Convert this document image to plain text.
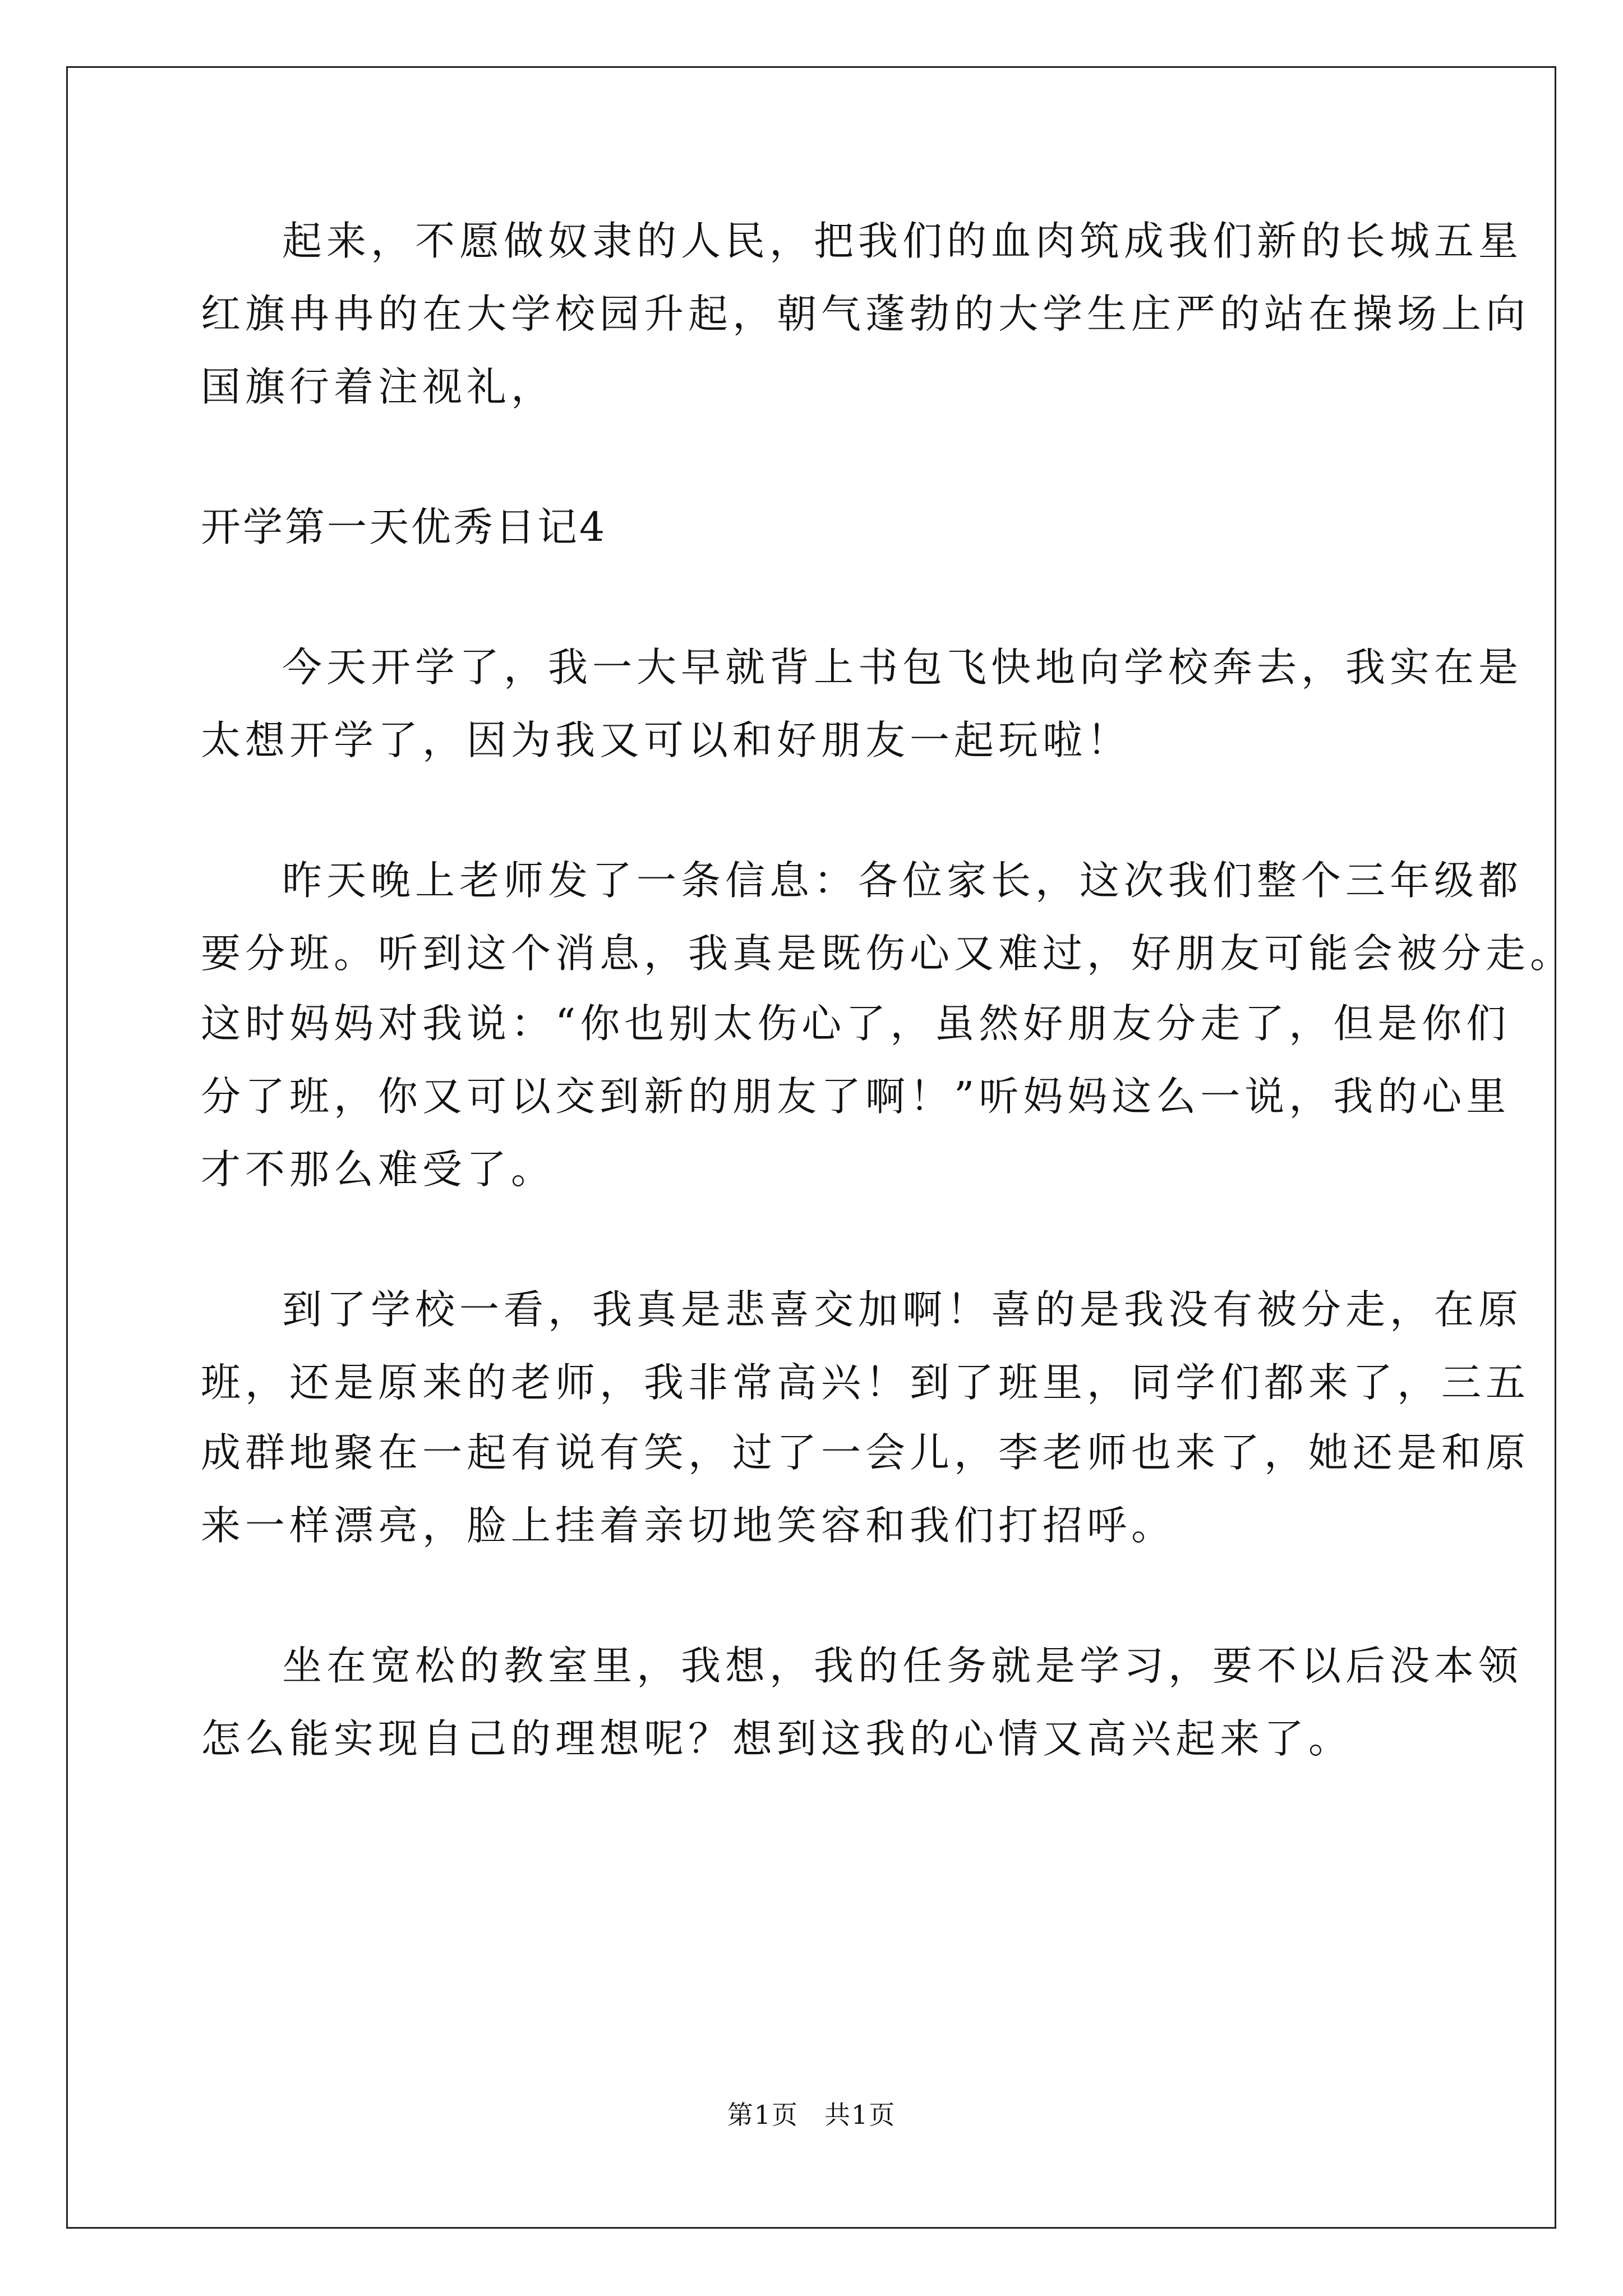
起来，不愿做奴隶的人民，把我们的血肉筑成我们新的长城五星
红旗冉冉的在大学校园升起，朝气蓬勃的大学生庄严的站在操场上向
国旗行着注视礼，
开学第一天优秀日记4
今天开学了，我一大早就背上书包飞快地向学校奔去，我实在是
太想开学了，因为我又可以和好朋友一起玩啦！
昨天晚上老师发了一条信息：各位家长，这次我们整个三年级都
要分班。听到这个消息，我真是既伤心又难过，好朋友可能会被分走。
这时妈妈对我说：“你也别太伤心了，虽然好朋友分走了，但是你们
分了班，你又可以交到新的朋友了啊！”听妈妈这么一说，我的心里
才不那么难受了。
到了学校一看，我真是悲喜交加啊！喜的是我没有被分走，在原
班，还是原来的老师，我非常高兴！到了班里，同学们都来了，三五
成群地聚在一起有说有笑，过了一会儿，李老师也来了，她还是和原
来一样漂亮，脸上挂着亲切地笑容和我们打招呼。
坐在宽松的教室里，我想，我的任务就是学习，要不以后没本领
怎么能实现自己的理想呢？想到这我的心情又高兴起来了。
第1页 共1页
